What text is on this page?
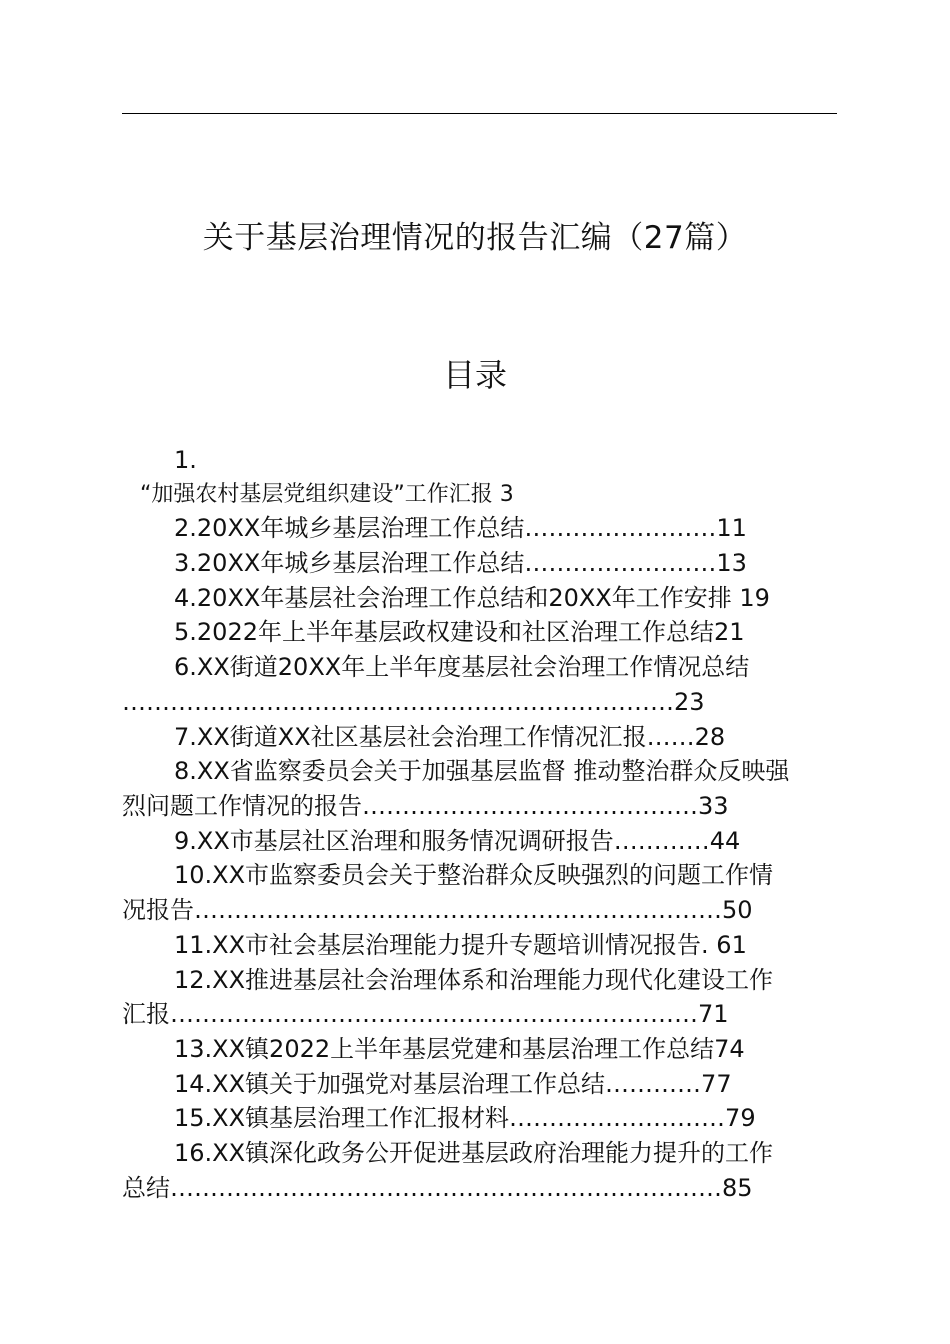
关于基层治理情况的报告汇编（27篇）
目录
1.
“加强农村基层党组织建设”工作汇报 3
2.20XX年城乡基层治理工作总结……………………11
3.20XX年城乡基层治理工作总结……………………13
4.20XX年基层社会治理工作总结和20XX年工作安排 19
5.2022年上半年基层政权建设和社区治理工作总结21
6.XX街道20XX年上半年度基层社会治理工作情况总结
……………………………………………………………23
7.XX街道XX社区基层社会治理工作情况汇报……28
8.XX省监察委员会关于加强基层监督 推动整治群众反映强
烈问题工作情况的报告……………………………………33
9.XX市基层社区治理和服务情况调研报告…………44
10.XX市监察委员会关于整治群众反映强烈的问题工作情
况报告…………………………………………………………50
11.XX市社会基层治理能力提升专题培训情况报告. 61
12.XX推进基层社会治理体系和治理能力现代化建设工作
汇报…………………………………………………………71
13.XX镇2022上半年基层党建和基层治理工作总结74
14.XX镇关于加强党对基层治理工作总结…………77
15.XX镇基层治理工作汇报材料………………………79
16.XX镇深化政务公开促进基层政府治理能力提升的工作
总结……………………………………………………………85
